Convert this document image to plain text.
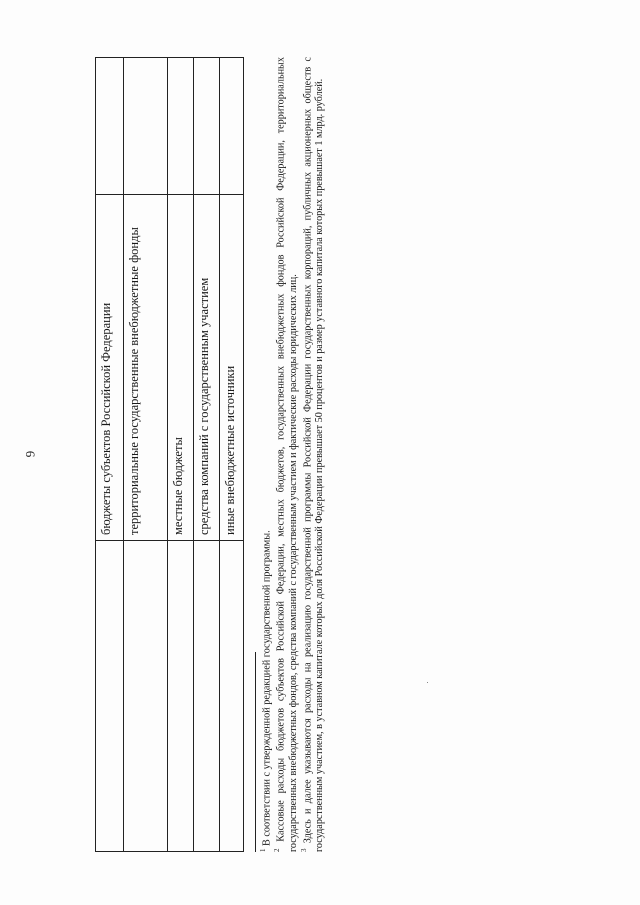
6
		бюджеты субъектов Российской Федерации	
	территориальные государственные внебюджетные фонды	
	местные бюджеты	
	средства компаний с государственным участием	
	иные внебюджетные источники	

$^1$ В соответствии с утвержденной редакцией государственной программы.

$^2$ Кассовые расходы бюджетов субъектов Российской Федерации, местных бюджетов, государственных внебюджетных фондов Российской Федерации, территориальных государственных внебюджетных фондов, средства компаний с государственным участием и фактические расходы юридических лиц. $^3$ Здесь и далее указываются расходы на реализацию государственной программы Российской Федерации государственных корпораций, публичных акционерных обществ с государственным участием, в уставном капитале которых доля Российской Федерации превышает 50 процентов и размер уставного капитала которых превышает 1 млрд. рублей.
